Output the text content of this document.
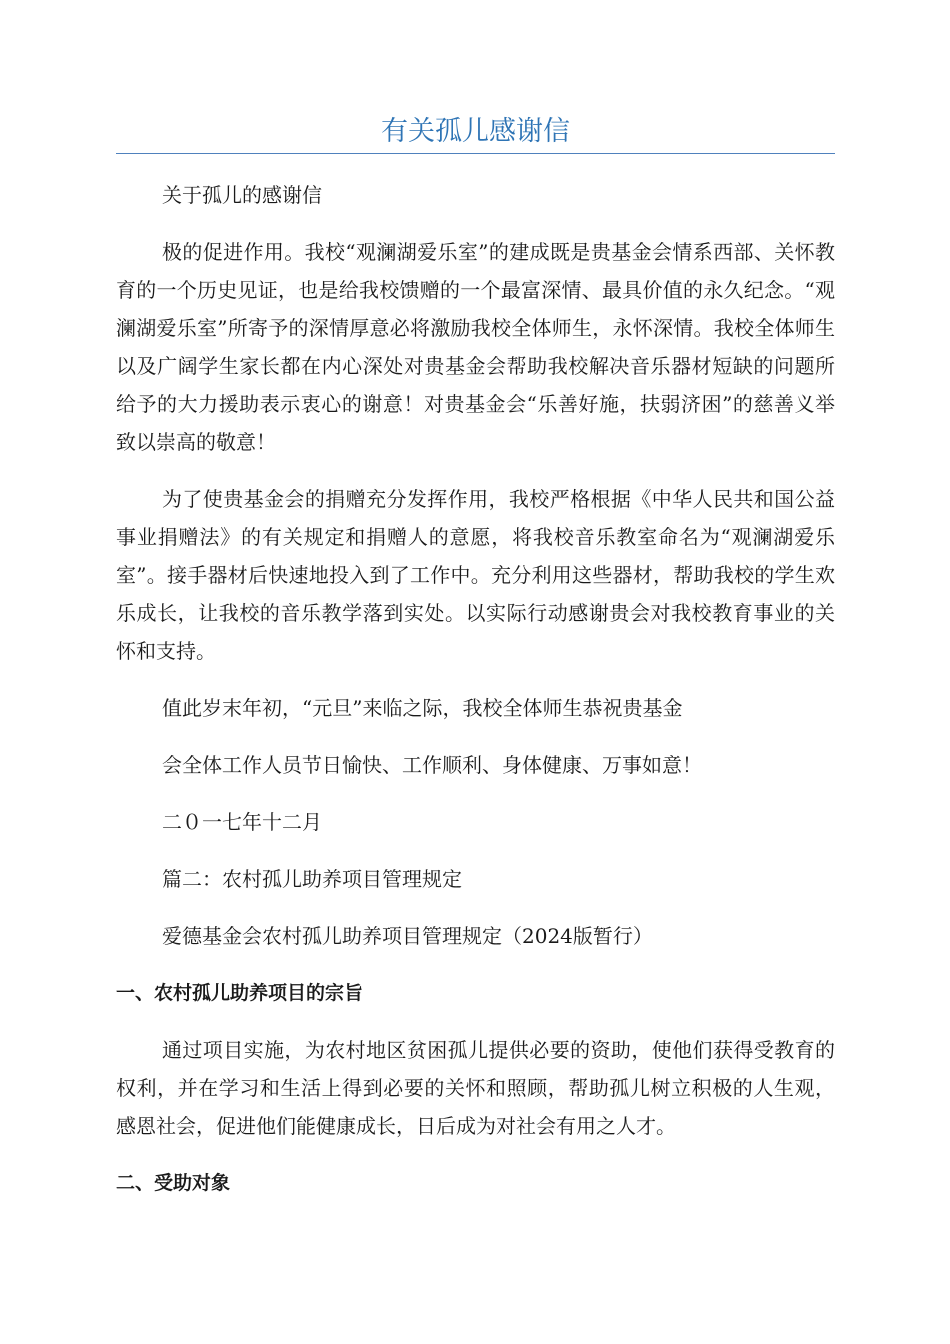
有关孤儿感谢信

关于孤儿的感谢信

极的促进作用。我校“观澜湖爱乐室”的建成既是贵基金会情系西部、关怀教育的一个历史见证，也是给我校馈赠的一个最富深情、最具价值的永久纪念。“观澜湖爱乐室”所寄予的深情厚意必将激励我校全体师生，永怀深情。我校全体师生以及广阔学生家长都在内心深处对贵基金会帮助我校解决音乐器材短缺的问题所给予的大力援助表示衷心的谢意！对贵基金会“乐善好施，扶弱济困”的慈善义举致以崇高的敬意！

为了使贵基金会的捐赠充分发挥作用，我校严格根据《中华人民共和国公益事业捐赠法》的有关规定和捐赠人的意愿，将我校音乐教室命名为“观澜湖爱乐室”。接手器材后快速地投入到了工作中。充分利用这些器材，帮助我校的学生欢乐成长，让我校的音乐教学落到实处。以实际行动感谢贵会对我校教育事业的关怀和支持。

值此岁末年初，“元旦”来临之际，我校全体师生恭祝贵基金

会全体工作人员节日愉快、工作顺利、身体健康、万事如意！

二０一七年十二月

篇二：农村孤儿助养项目管理规定

爱德基金会农村孤儿助养项目管理规定（2024版暂行）

一、农村孤儿助养项目的宗旨

通过项目实施，为农村地区贫困孤儿提供必要的资助，使他们获得受教育的权利，并在学习和生活上得到必要的关怀和照顾，帮助孤儿树立积极的人生观，感恩社会，促进他们能健康成长，日后成为对社会有用之人才。

二、受助对象
